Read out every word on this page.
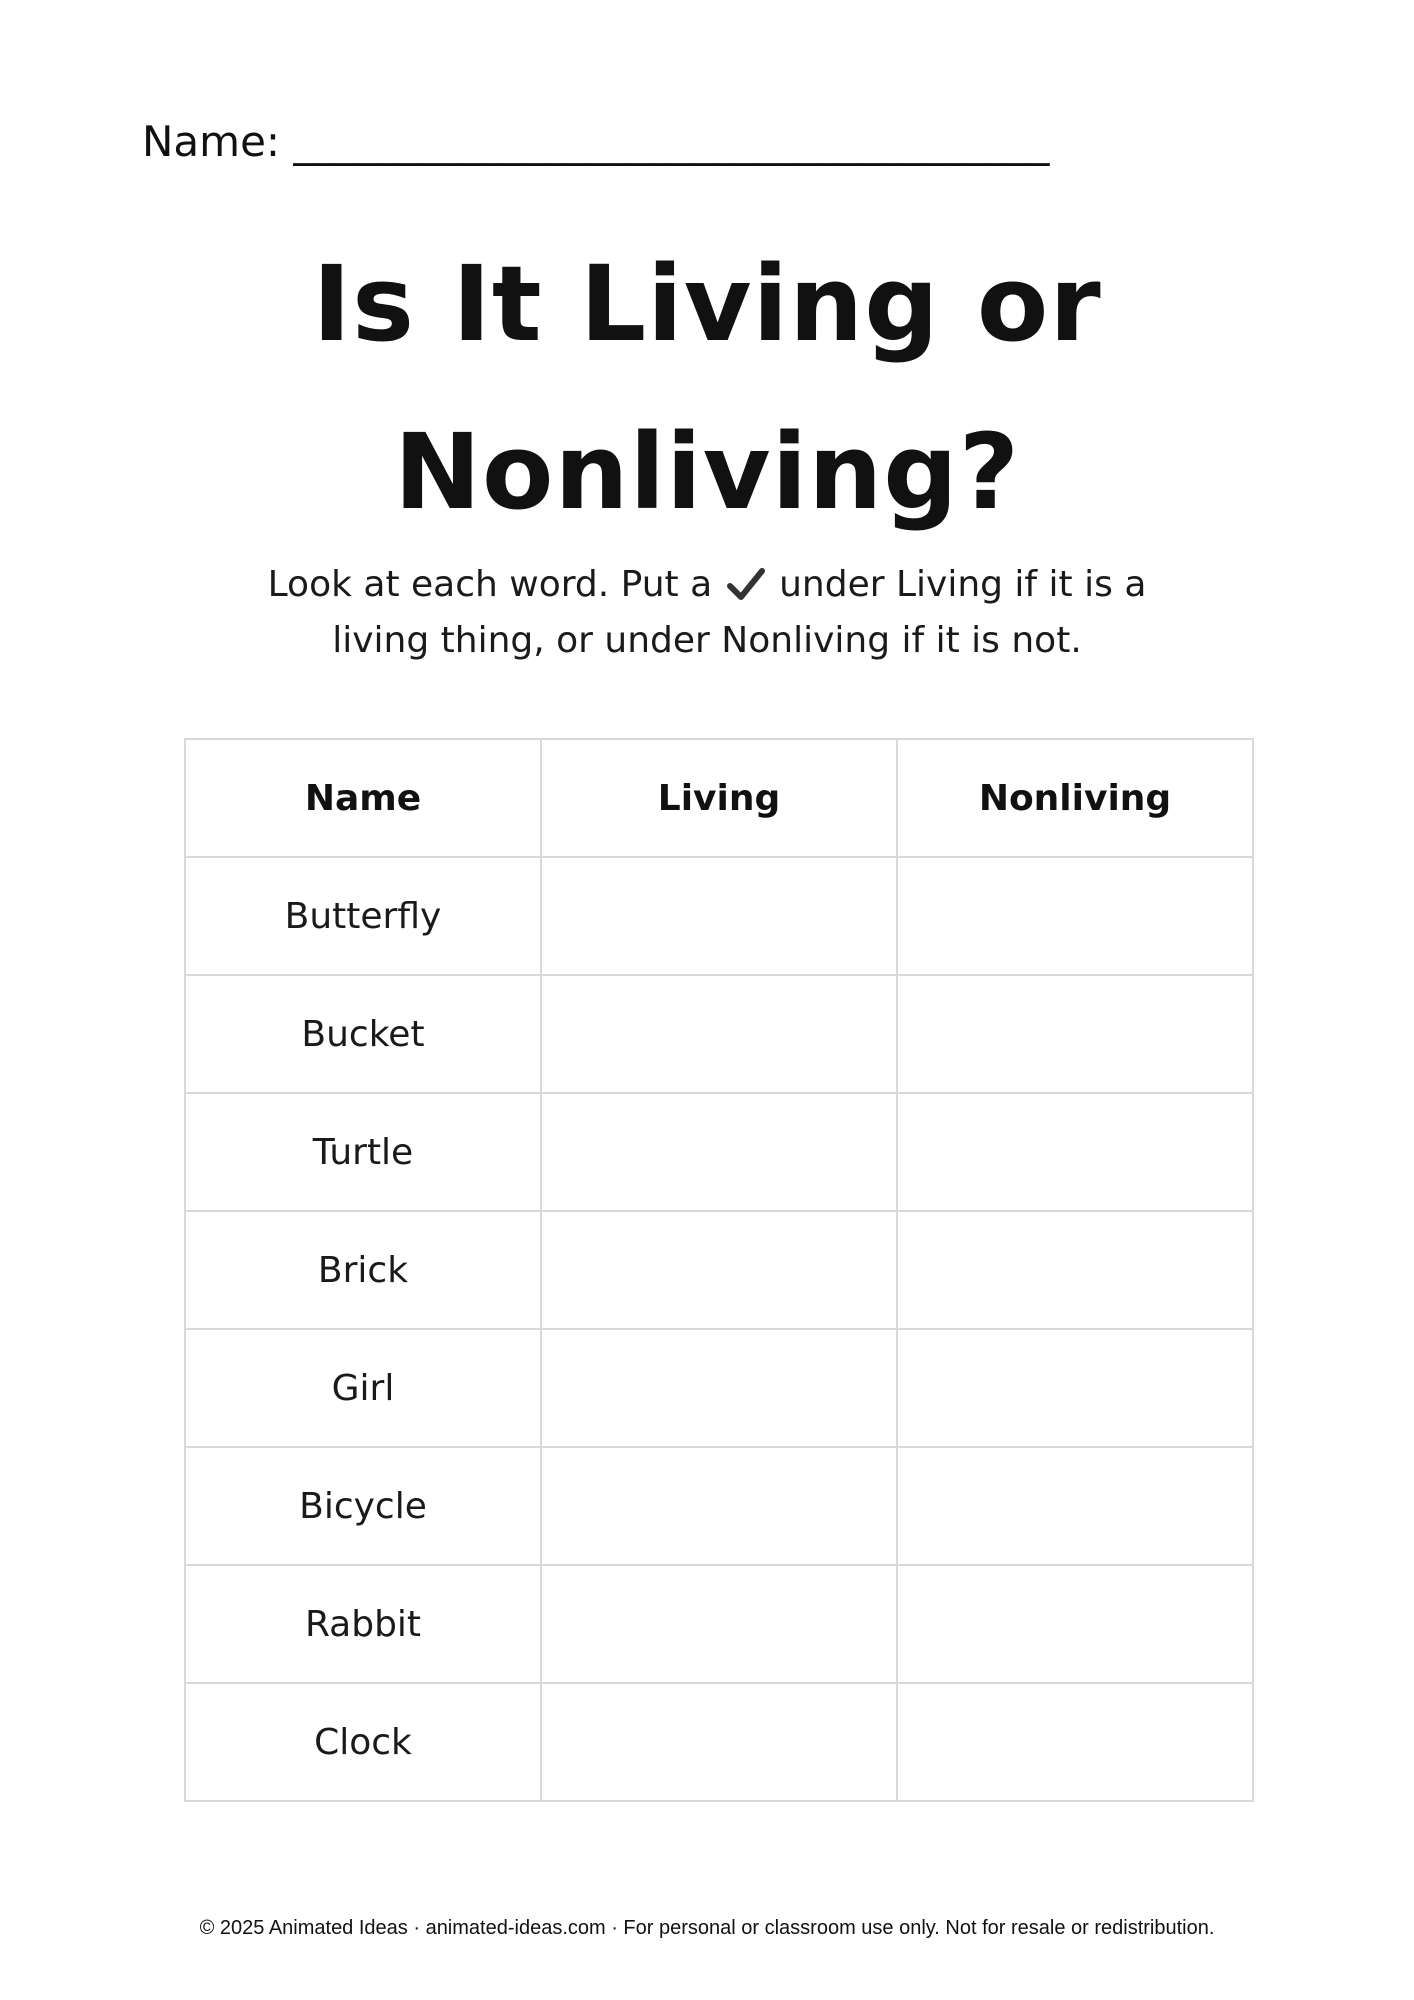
Name: ____________________________________
Is It Living or
Nonliving?
Look at each word. Put a under Living if it is a living thing, or under Nonliving if it is not.
Name	Living	Nonliving
Butterfly		
Bucket		
Turtle		
Brick		
Girl		
Bicycle		
Rabbit		
Clock		
© 2025 Animated Ideas · animated-ideas.com · For personal or classroom use only. Not for resale or redistribution.
